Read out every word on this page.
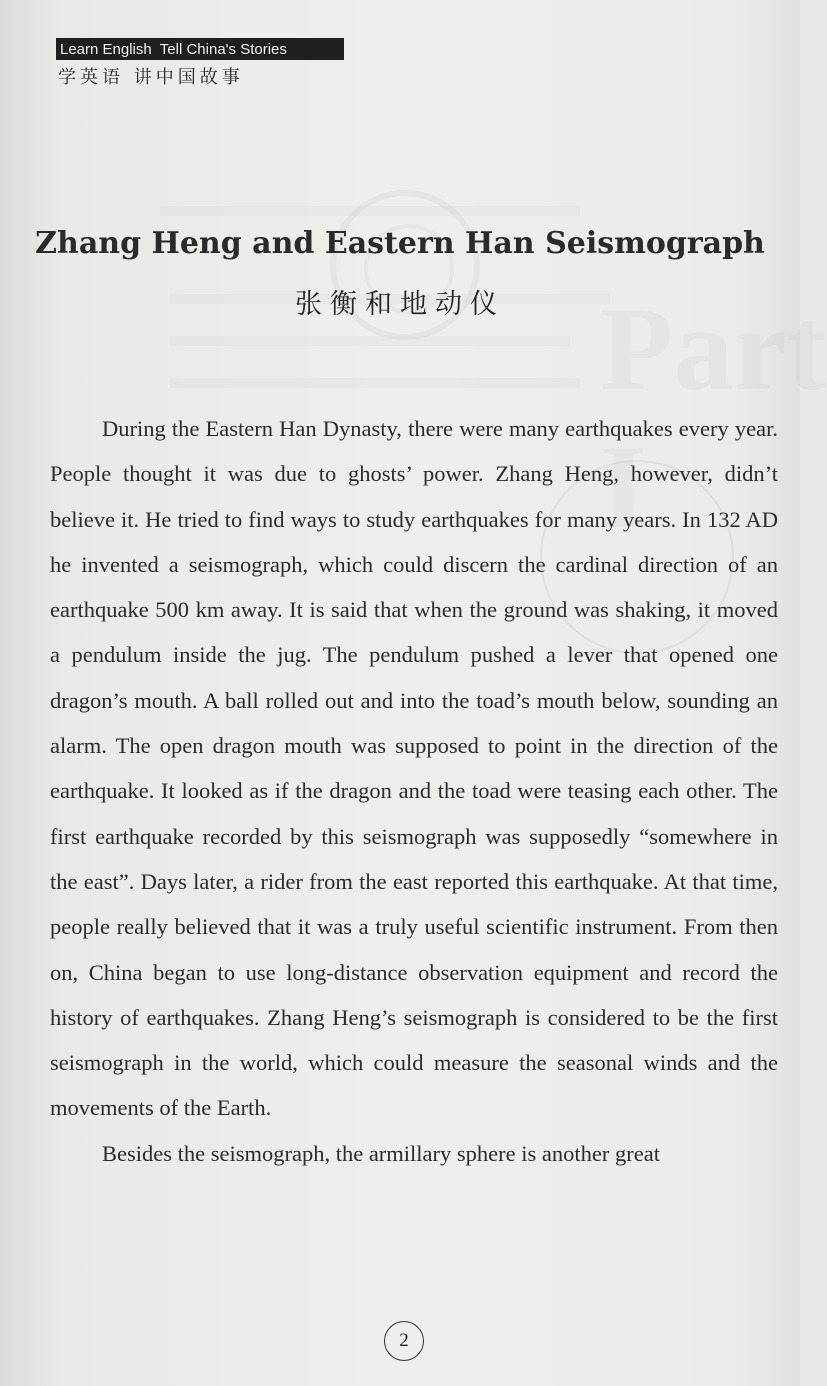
Part I
Learn English  Tell China's Stories
学英语 讲中国故事
Zhang Heng and Eastern Han Seismograph
张衡和地动仪

During the Eastern Han Dynasty, there were many earthquakes every year. People thought it was due to ghosts’ power. Zhang Heng, however, didn’t believe it. He tried to find ways to study earthquakes for many years. In 132 AD he invented a seismograph, which could discern the cardinal direction of an earthquake 500 km away. It is said that when the ground was shaking, it moved a pendulum inside the jug. The pendulum pushed a lever that opened one dragon’s mouth. A ball rolled out and into the toad’s mouth below, sounding an alarm. The open dragon mouth was supposed to point in the direction of the earthquake. It looked as if the dragon and the toad were teasing each other. The first earthquake recorded by this seismograph was supposedly “somewhere in the east”. Days later, a rider from the east reported this earthquake. At that time, people really believed that it was a truly useful scientific instrument. From then on, China began to use long-distance observation equipment and record the history of earthquakes. Zhang Heng’s seismograph is considered to be the first seismograph in the world, which could measure the seasonal winds and the movements of the Earth.

Besides the seismograph, the armillary sphere is another great

2
